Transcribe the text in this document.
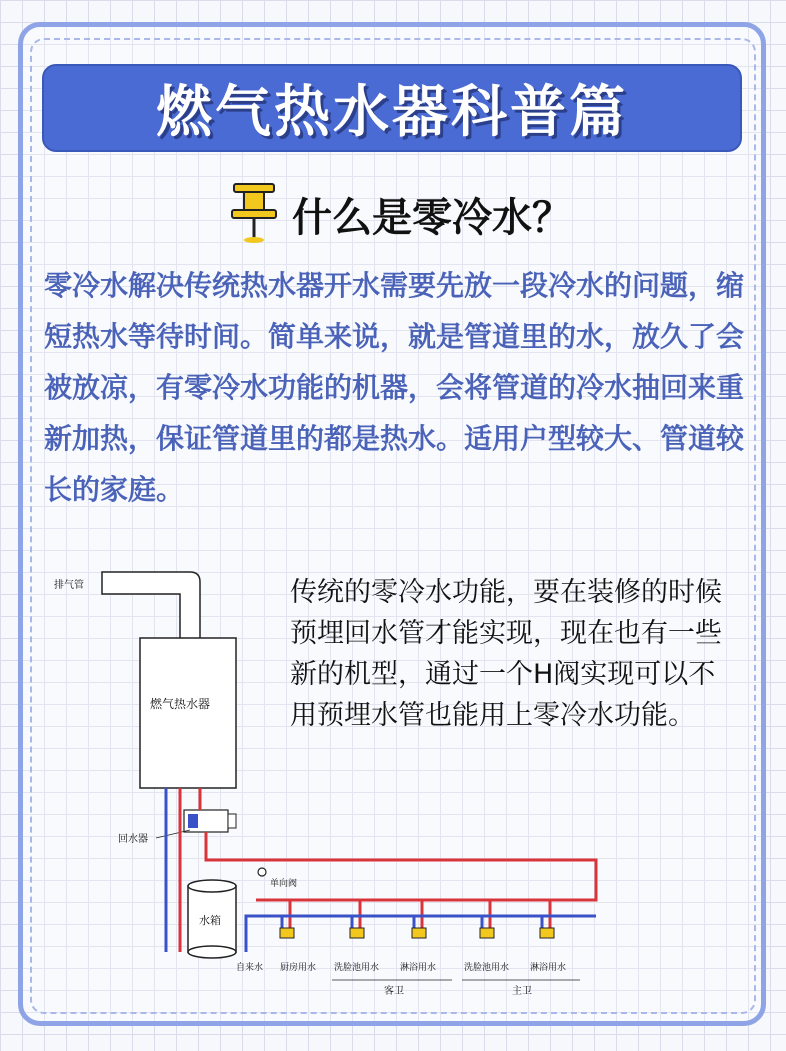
燃气热水器科普篇
什么是零冷水？
零冷水解决传统热水器开水需要先放一段冷水的问题，缩短热水等待时间。简单来说，就是管道里的水，放久了会被放凉，有零冷水功能的机器，会将管道的冷水抽回来重新加热，保证管道里的都是热水。适用户型较大、管道较长的家庭。
传统的零冷水功能，要在装修的时候预埋回水管才能实现，现在也有一些新的机型，通过一个H阀实现可以不用预埋水管也能用上零冷水功能。
排气管
燃气热水器
回水器
水箱
单向阀
自来水 厨房用水 洗脸池用水 淋浴用水	洗脸池用水 淋浴用水
客卫	主卫
